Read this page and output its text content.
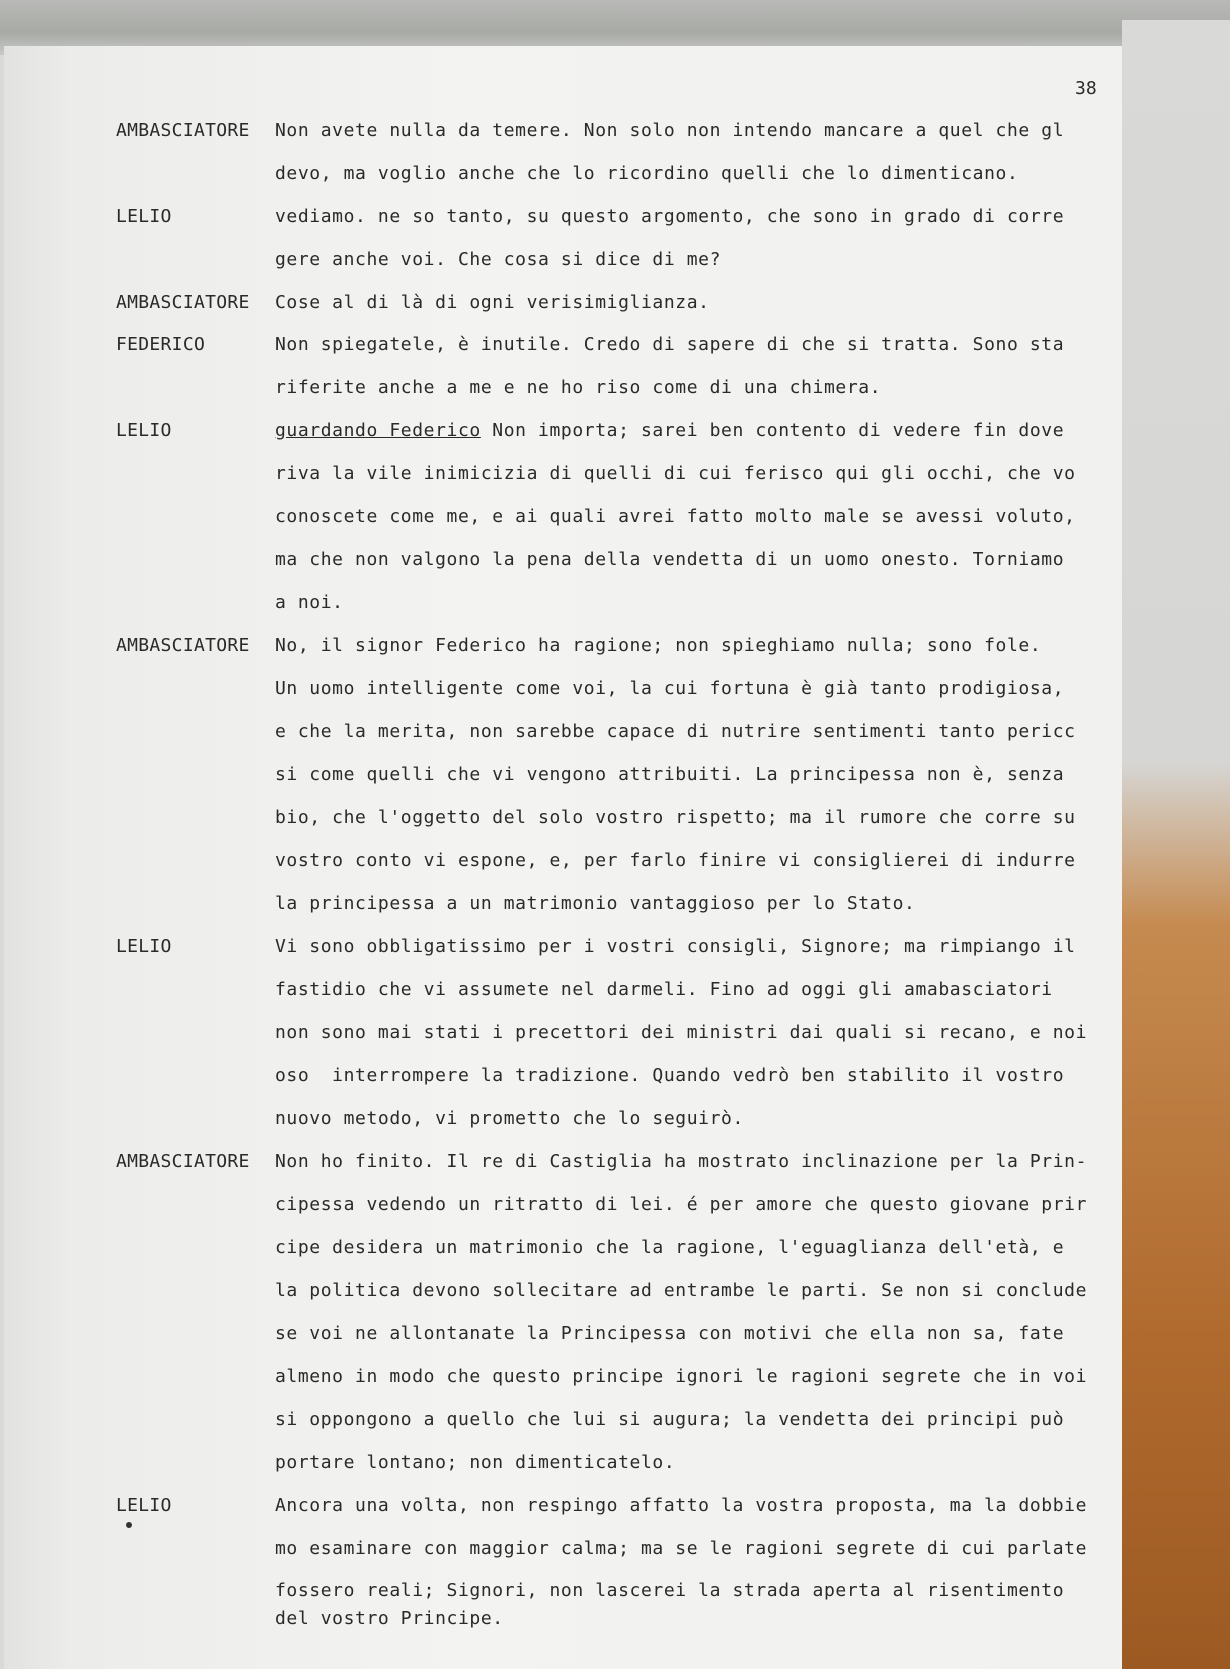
38
AMBASCIATORE Non avete nulla da temere. Non solo non intendo mancare a quel che gl
devo, ma voglio anche che lo ricordino quelli che lo dimenticano.
LELIO	vediamo. ne so tanto, su questo argomento, che sono in grado di corre
gere anche voi. Che cosa si dice di me?
AMBASCIATORE Cose al di là di ogni verisimiglianza.
FEDERICO	Non spiegatele, è inutile. Credo di sapere di che si tratta. Sono sta
riferite anche a me e ne ho riso come di una chimera.
LELIO	guardando Federico Non importa; sarei ben contento di vedere fin dove
riva la vile inimicizia di quelli di cui ferisco qui gli occhi, che vo
conoscete come me, e ai quali avrei fatto molto male se avessi voluto,
ma che non valgono la pena della vendetta di un uomo onesto. Torniamo
a noi.
AMBASCIATORE No, il signor Federico ha ragione; non spieghiamo nulla; sono fole.
Un uomo intelligente come voi, la cui fortuna è già tanto prodigiosa,
e che la merita, non sarebbe capace di nutrire sentimenti tanto pericc
si come quelli che vi vengono attribuiti. La principessa non è, senza
bio, che l'oggetto del solo vostro rispetto; ma il rumore che corre su
vostro conto vi espone, e, per farlo finire vi consiglierei di indurre
la principessa a un matrimonio vantaggioso per lo Stato.
LELIO	Vi sono obbligatissimo per i vostri consigli, Signore; ma rimpiango il
fastidio che vi assumete nel darmeli. Fino ad oggi gli amabasciatori
non sono mai stati i precettori dei ministri dai quali si recano, e noi
oso  interrompere la tradizione. Quando vedrò ben stabilito il vostro
nuovo metodo, vi prometto che lo seguirò.
AMBASCIATORE Non ho finito. Il re di Castiglia ha mostrato inclinazione per la Prin-
cipessa vedendo un ritratto di lei. é per amore che questo giovane prir
cipe desidera un matrimonio che la ragione, l'eguaglianza dell'età, e
la politica devono sollecitare ad entrambe le parti. Se non si conclude
se voi ne allontanate la Principessa con motivi che ella non sa, fate
almeno in modo che questo principe ignori le ragioni segrete che in voi
si oppongono a quello che lui si augura; la vendetta dei principi può
portare lontano; non dimenticatelo.
LELIO	Ancora una volta, non respingo affatto la vostra proposta, ma la dobbie
mo esaminare con maggior calma; ma se le ragioni segrete di cui parlate
fossero reali; Signori, non lascerei la strada aperta al risentimento
del vostro Principe.
